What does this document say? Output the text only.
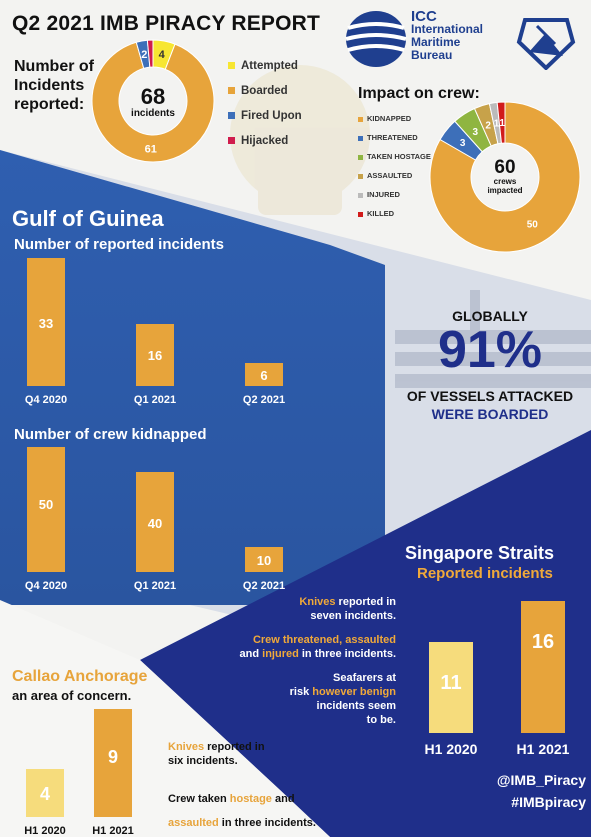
Q2 2021 IMB PIRACY REPORT	ICC
International
Maritime
Bureau
Number of
Incidents
reported:
4
61
2
68
incidents
Attempted
Boarded
Fired Upon
Hijacked
Impact on crew:
50
3
3
2 1 1
60
crews
impacted
KIDNAPPED
THREATENED
TAKEN HOSTAGE
ASSAULTED
INJURED
KILLED
Gulf of Guinea
Number of reported incidents
33
Q4 2020
16
Q1 2021
6
Q2 2021
Number of crew kidnapped
50
Q4 2020
40
Q1 2021
10
Q2 2021
GLOBALLY
91%
OF VESSELS ATTACKED
WERE BOARDED
Singapore Straits
Reported incidents
Knives reported in
seven incidents.
Crew threatened, assaulted
and injured in three incidents.
Seafarers at
risk however benign
incidents seem
to be.
11
H1 2020
16
H1 2021
Callao Anchorage
an area of concern.
4
H1 2020
9
H1 2021
Knives reported in
six incidents.

Crew taken hostage and
assaulted in three incidents.
@IMB_Piracy
#IMBpiracy
